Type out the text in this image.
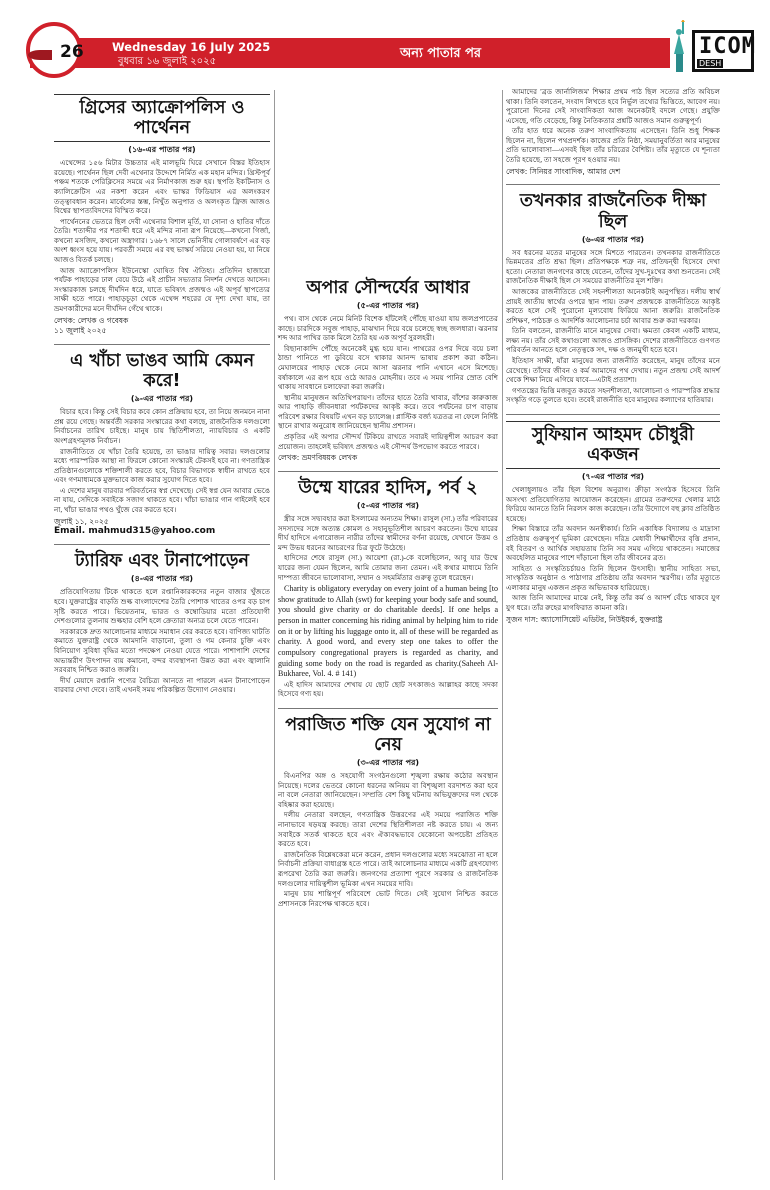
26 Wednesday 16 July 2025
বুধবার ১৬ জুলাই ২০২৫
অন্য পাতার পর	ICOM
DESH
গ্রিসের অ্যাক্রোপলিস ও পার্থেনন
(১৬-এর পাতার পর)

এথেন্সের ১৫৬ মিটার উচ্চতার এই মালভূমি ঘিরে সেখানে বিস্তর ইতিহাস রয়েছে। পার্থেনন ছিল দেবী এথেনার উদ্দেশে নির্মিত এক মহান মন্দির। খ্রিস্টপূর্ব পঞ্চম শতকে পেরিক্লিসের সময়ে এর নির্মাণকাজ শুরু হয়। স্থপতি ইকটিনাস ও ক্যালিক্রেটিস এর নকশা করেন এবং ভাস্কর ফিডিয়াস এর অলংকরণ তত্ত্বাবধান করেন। মার্বেলের স্তম্ভ, নিখুঁত অনুপাত ও অলংকৃত ফ্রিজ আজও বিশ্বের স্থাপত্যবিদদের বিস্মিত করে।

পার্থেননের ভেতরে ছিল দেবী এথেনার বিশাল মূর্তি, যা সোনা ও হাতির দাঁতে তৈরি। শতাব্দীর পর শতাব্দী ধরে এই মন্দির নানা রূপ নিয়েছে—কখনো গির্জা, কখনো মসজিদ, কখনো অস্ত্রাগার। ১৬৮৭ সালে ভেনিসীয় গোলাবর্ষণে এর বড় অংশ ধ্বংস হয়ে যায়। পরবর্তী সময়ে এর বহু ভাস্কর্য সরিয়ে নেওয়া হয়, যা নিয়ে আজও বিতর্ক চলছে।

আজ অ্যাক্রোপলিস ইউনেস্কো ঘোষিত বিশ্ব ঐতিহ্য। প্রতিদিন হাজারো পর্যটক পাহাড়ের ঢাল বেয়ে উঠে এই প্রাচীন সভ্যতার নিদর্শন দেখতে আসেন। সংস্কারকাজ চলছে দীর্ঘদিন ধরে, যাতে ভবিষ্যৎ প্রজন্মও এই অপূর্ব স্থাপত্যের সাক্ষী হতে পারে। পাহাড়চূড়া থেকে এথেন্স শহরের যে দৃশ্য দেখা যায়, তা ভ্রমণকারীদের মনে দীর্ঘদিন গেঁথে থাকে।

লেখক: লেখক ও গবেষক
১১ জুলাই ২০২৫
এ খাঁচা ভাঙব আমি কেমন করে!
(৯-এর পাতার পর)

বিচার হবে। কিন্তু সেই বিচার কবে কোন প্রক্রিয়ায় হবে, তা নিয়ে জনমনে নানা প্রশ্ন রয়ে গেছে। অন্তর্বর্তী সরকার সংস্কারের কথা বলছে, রাজনৈতিক দলগুলো নির্বাচনের তারিখ চাইছে। মানুষ চায় স্থিতিশীলতা, ন্যায়বিচার ও একটি অংশগ্রহণমূলক নির্বাচন।

রাজনীতিতে যে খাঁচা তৈরি হয়েছে, তা ভাঙার দায়িত্ব সবার। দলগুলোর মধ্যে পারস্পরিক আস্থা না ফিরলে কোনো সংস্কারই টেকসই হবে না। গণতান্ত্রিক প্রতিষ্ঠানগুলোকে শক্তিশালী করতে হবে, বিচার বিভাগকে স্বাধীন রাখতে হবে এবং গণমাধ্যমকে মুক্তভাবে কাজ করার সুযোগ দিতে হবে।

এ দেশের মানুষ বারবার পরিবর্তনের স্বপ্ন দেখেছে। সেই স্বপ্ন যেন আবার ভেঙে না যায়, সেদিকে সবাইকে সজাগ থাকতে হবে। খাঁচা ভাঙার গান গাইলেই হবে না, খাঁচা ভাঙার পথও খুঁজে বের করতে হবে।

জুলাই ১১, ২০২৫
Email. mahmud315@yahoo.com
ট্যারিফ এবং টানাপোড়েন
(৪-এর পাতার পর)

প্রতিযোগিতায় টিকে থাকতে হলে রপ্তানিকারকদের নতুন বাজার খুঁজতে হবে। যুক্তরাষ্ট্রের বাড়তি শুল্ক বাংলাদেশের তৈরি পোশাক খাতের ওপর বড় চাপ সৃষ্টি করতে পারে। ভিয়েতনাম, ভারত ও কম্বোডিয়ার মতো প্রতিযোগী দেশগুলোর তুলনায় শুল্কহার বেশি হলে ক্রেতারা অন্যত্র চলে যেতে পারেন।

সরকারকে দ্রুত আলোচনার মাধ্যমে সমাধান বের করতে হবে। বাণিজ্য ঘাটতি কমাতে যুক্তরাষ্ট্র থেকে আমদানি বাড়ানো, তুলা ও গম কেনার চুক্তি এবং বিনিয়োগ সুবিধা বৃদ্ধির মতো পদক্ষেপ নেওয়া যেতে পারে। পাশাপাশি দেশের অভ্যন্তরীণ উৎপাদন ব্যয় কমানো, বন্দর ব্যবস্থাপনা উন্নত করা এবং জ্বালানি সরবরাহ নিশ্চিত করাও জরুরি।

দীর্ঘ মেয়াদে রপ্তানি পণ্যের বৈচিত্র্য আনতে না পারলে এমন টানাপোড়েন বারবার দেখা দেবে। তাই এখনই সময় পরিকল্পিত উদ্যোগ নেওয়ার।

অপার সৌন্দর্যের আধার
(৫-এর পাতার পর)

পথ। বাস থেকে নেমে মিনিট বিশেক হাঁটলেই পৌঁছে যাওয়া যায় জলপ্রপাতের কাছে। চারদিকে সবুজ পাহাড়, মাঝখান দিয়ে বয়ে চলেছে স্বচ্ছ জলধারা। ঝরনার শব্দ আর পাখির ডাক মিলে তৈরি হয় এক অপূর্ব সুরলহরী।

বিছানাকান্দি পৌঁছে অনেকেই মুগ্ধ হয়ে যান। পাথরের ওপর দিয়ে বয়ে চলা ঠান্ডা পানিতে পা ডুবিয়ে বসে থাকার আনন্দ ভাষায় প্রকাশ করা কঠিন। মেঘালয়ের পাহাড় থেকে নেমে আসা ঝরনার পানি এখানে এসে মিশেছে। বর্ষাকালে এর রূপ হয়ে ওঠে আরও মোহনীয়। তবে এ সময় পানির স্রোত বেশি থাকায় সাবধানে চলাফেরা করা জরুরি।

স্থানীয় মানুষজন অতিথিপরায়ণ। তাঁদের হাতে তৈরি খাবার, বাঁশের কারুকাজ আর পাহাড়ি জীবনধারা পর্যটকদের আকৃষ্ট করে। তবে পর্যটনের চাপ বাড়ায় পরিবেশ রক্ষার বিষয়টি এখন বড় চ্যালেঞ্জ। প্লাস্টিক বর্জ্য যত্রতত্র না ফেলে নির্দিষ্ট স্থানে রাখার অনুরোধ জানিয়েছেন স্থানীয় প্রশাসন।

প্রকৃতির এই অপার সৌন্দর্য টিকিয়ে রাখতে সবারই দায়িত্বশীল আচরণ করা প্রয়োজন। তাহলেই ভবিষ্যৎ প্রজন্মও এই সৌন্দর্য উপভোগ করতে পারবে।

লেখক: ভ্রমণবিষয়ক লেখক
উম্মে যারের হাদিস, পর্ব ২
(৫-এর পাতার পর)

স্ত্রীর সঙ্গে সদ্ব্যবহার করা ইসলামের অন্যতম শিক্ষা। রাসুল (সা.) তাঁর পরিবারের সদস্যদের সঙ্গে অত্যন্ত কোমল ও সহানুভূতিশীল আচরণ করতেন। উম্মে যারের দীর্ঘ হাদিসে এগারোজন নারীর তাঁদের স্বামীদের বর্ণনা রয়েছে, যেখানে উত্তম ও মন্দ উভয় ধরনের আচরণের চিত্র ফুটে উঠেছে।

হাদিসের শেষে রাসুল (সা.) আয়েশা (রা.)-কে বলেছিলেন, আবু যার উম্মে যারের জন্য যেমন ছিলেন, আমি তোমার জন্য তেমন। এই কথার মাধ্যমে তিনি দাম্পত্য জীবনে ভালোবাসা, সম্মান ও সহমর্মিতার গুরুত্ব তুলে ধরেছেন।

Charity is obligatory everyday on every joint of a human being [to show gratitude to Allah (swt) for keeping your body safe and sound, you should give charity or do charitable deeds]. If one helps a person in matter concerning his riding animal by helping him to ride on it or by lifting his luggage onto it, all of these will be regarded as charity. A good word, and every step one takes to offer the compulsory congregational prayers is regarded as charity, and guiding some body on the road is regarded as charity.(Saheeh Al-Bukharee, Vol. 4. # 141)

এই হাদিস আমাদের শেখায় যে ছোট ছোট সৎকাজও আল্লাহর কাছে সদকা হিসেবে গণ্য হয়।

পরাজিত শক্তি যেন সুযোগ না নেয়
(৩-এর পাতার পর)

বিএনপির অঙ্গ ও সহযোগী সংগঠনগুলো শৃঙ্খলা রক্ষায় কঠোর অবস্থান নিয়েছে। দলের ভেতরে কোনো ধরনের অনিয়ম বা বিশৃঙ্খলা বরদাশত করা হবে না বলে নেতারা জানিয়েছেন। সম্প্রতি বেশ কিছু ঘটনায় অভিযুক্তদের দল থেকে বহিষ্কার করা হয়েছে।

দলীয় নেতারা বলছেন, গণতান্ত্রিক উত্তরণের এই সময়ে পরাজিত শক্তি নানাভাবে ষড়যন্ত্র করছে। তারা দেশের স্থিতিশীলতা নষ্ট করতে চায়। এ জন্য সবাইকে সতর্ক থাকতে হবে এবং ঐক্যবদ্ধভাবে যেকোনো অপচেষ্টা প্রতিহত করতে হবে।

রাজনৈতিক বিশ্লেষকেরা মনে করেন, প্রধান দলগুলোর মধ্যে সমঝোতা না হলে নির্বাচনী প্রক্রিয়া বাধাগ্রস্ত হতে পারে। তাই আলোচনার মাধ্যমে একটি গ্রহণযোগ্য রূপরেখা তৈরি করা জরুরি। জনগণের প্রত্যাশা পূরণে সরকার ও রাজনৈতিক দলগুলোর দায়িত্বশীল ভূমিকা এখন সময়ের দাবি।

মানুষ চায় শান্তিপূর্ণ পরিবেশে ভোট দিতে। সেই সুযোগ নিশ্চিত করতে প্রশাসনকে নিরপেক্ষ থাকতে হবে।

আমাদের 'ব্রড জার্নালিজম' শিক্ষার প্রথম পাঠ ছিল সত্যের প্রতি অবিচল থাকা। তিনি বলতেন, সংবাদ লিখতে হবে নির্ভুল তথ্যের ভিত্তিতে, আবেগ নয়। পুরোনো দিনের সেই সাংবাদিকতা আজ অনেকটাই বদলে গেছে। প্রযুক্তি এসেছে, গতি বেড়েছে, কিন্তু নৈতিকতার প্রশ্নটি আজও সমান গুরুত্বপূর্ণ।

তাঁর হাত ধরে অনেক তরুণ সাংবাদিকতায় এসেছেন। তিনি শুধু শিক্ষক ছিলেন না, ছিলেন পথপ্রদর্শক। কাজের প্রতি নিষ্ঠা, সময়ানুবর্তিতা আর মানুষের প্রতি ভালোবাসা—এসবই ছিল তাঁর চরিত্রের বৈশিষ্ট্য। তাঁর মৃত্যুতে যে শূন্যতা তৈরি হয়েছে, তা সহজে পূরণ হওয়ার নয়।

লেখক: সিনিয়র সাংবাদিক, আমার দেশ
তখনকার রাজনৈতিক দীক্ষা ছিল
(৬-এর পাতার পর)

সব ধরনের মতের মানুষের সঙ্গে মিশতে পারতেন। তখনকার রাজনীতিতে ভিন্নমতের প্রতি শ্রদ্ধা ছিল। প্রতিপক্ষকে শত্রু নয়, প্রতিদ্বন্দ্বী হিসেবে দেখা হতো। নেতারা জনগণের কাছে যেতেন, তাঁদের সুখ-দুঃখের কথা শুনতেন। সেই রাজনৈতিক দীক্ষাই ছিল সে সময়ের রাজনীতির মূল শক্তি।

আজকের রাজনীতিতে সেই সহনশীলতা অনেকটাই অনুপস্থিত। দলীয় স্বার্থ প্রায়ই জাতীয় স্বার্থের ওপরে স্থান পায়। তরুণ প্রজন্মকে রাজনীতিতে আকৃষ্ট করতে হলে সেই পুরোনো মূল্যবোধ ফিরিয়ে আনা জরুরি। রাজনৈতিক প্রশিক্ষণ, পাঠচক্র ও আদর্শিক আলোচনার চর্চা আবার শুরু করা দরকার।

তিনি বলতেন, রাজনীতি মানে মানুষের সেবা। ক্ষমতা কেবল একটি মাধ্যম, লক্ষ্য নয়। তাঁর সেই কথাগুলো আজও প্রাসঙ্গিক। দেশের রাজনীতিতে গুণগত পরিবর্তন আনতে হলে নেতৃত্বকে সৎ, দক্ষ ও জনমুখী হতে হবে।

ইতিহাস সাক্ষী, যাঁরা মানুষের জন্য রাজনীতি করেছেন, মানুষ তাঁদের মনে রেখেছে। তাঁদের জীবন ও কর্ম আমাদের পথ দেখায়। নতুন প্রজন্ম সেই আদর্শ থেকে শিক্ষা নিয়ে এগিয়ে যাবে—এটাই প্রত্যাশা।

গণতন্ত্রের ভিত্তি মজবুত করতে সহনশীলতা, আলোচনা ও পারস্পরিক শ্রদ্ধার সংস্কৃতি গড়ে তুলতে হবে। তবেই রাজনীতি হবে মানুষের কল্যাণের হাতিয়ার।

সুফিয়ান আহমদ চৌধুরী একজন
(৭-এর পাতার পর)

খেলাধুলায়ও তাঁর ছিল বিশেষ অনুরাগ। ক্রীড়া সংগঠক হিসেবে তিনি অসংখ্য প্রতিযোগিতার আয়োজন করেছেন। গ্রামের তরুণদের খেলার মাঠে ফিরিয়ে আনতে তিনি নিরলস কাজ করেছেন। তাঁর উদ্যোগে বহু ক্লাব প্রতিষ্ঠিত হয়েছে।

শিক্ষা বিস্তারে তাঁর অবদান অনস্বীকার্য। তিনি একাধিক বিদ্যালয় ও মাদ্রাসা প্রতিষ্ঠায় গুরুত্বপূর্ণ ভূমিকা রেখেছেন। দরিদ্র মেধাবী শিক্ষার্থীদের বৃত্তি প্রদান, বই বিতরণ ও আর্থিক সহায়তায় তিনি সব সময় এগিয়ে থাকতেন। সমাজের অবহেলিত মানুষের পাশে দাঁড়ানো ছিল তাঁর জীবনের ব্রত।

সাহিত্য ও সংস্কৃতিচর্চায়ও তিনি ছিলেন উৎসাহী। স্থানীয় সাহিত্য সভা, সাংস্কৃতিক অনুষ্ঠান ও পাঠাগার প্রতিষ্ঠায় তাঁর অবদান স্মরণীয়। তাঁর মৃত্যুতে এলাকার মানুষ একজন প্রকৃত অভিভাবক হারিয়েছে।

আজ তিনি আমাদের মাঝে নেই, কিন্তু তাঁর কর্ম ও আদর্শ বেঁচে থাকবে যুগ যুগ ধরে। তাঁর রুহের মাগফিরাত কামনা করি।

সুজন দাস: অ্যাসোসিয়েট এডিটর, নিউইয়র্ক, যুক্তরাষ্ট্র
